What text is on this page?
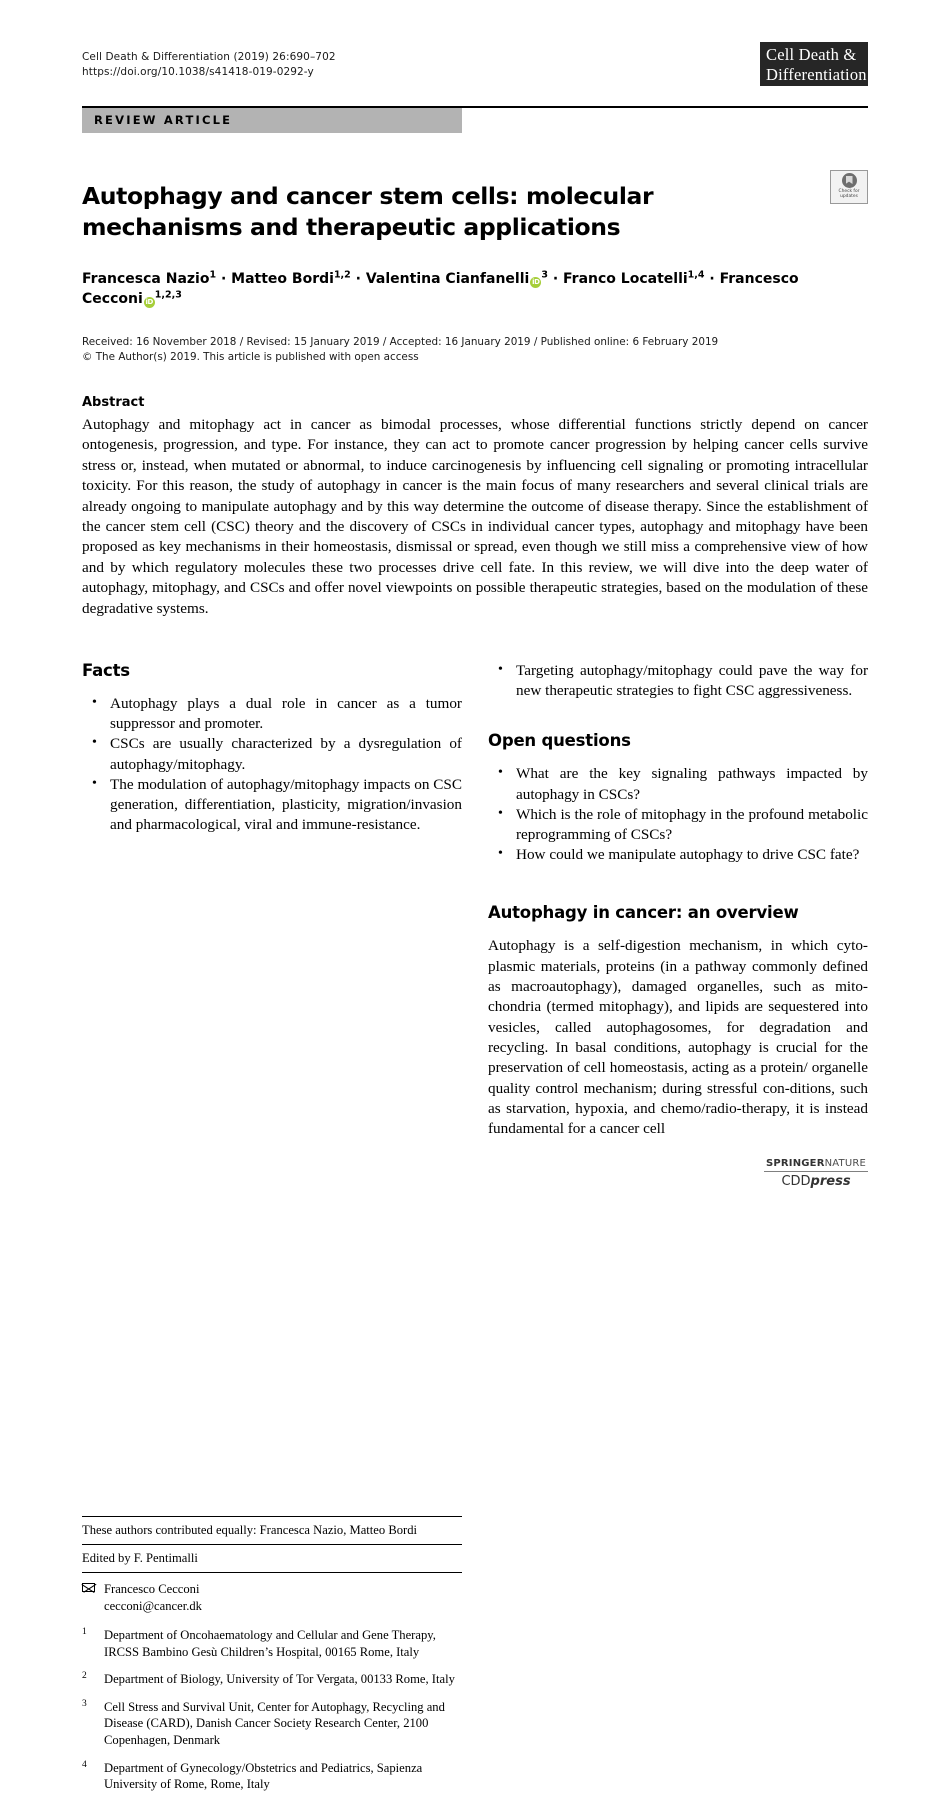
Cell Death & Differentiation (2019) 26:690–702
https://doi.org/10.1038/s41418-019-0292-y
Cell Death &
Differentiation
REVIEW ARTICLE
Check for
updates
Autophagy and cancer stem cells: molecular mechanisms and therapeutic applications
Francesca Nazio$^1$ · Matteo Bordi$^{1,2}$ · Valentina Cianfanelli $iD^3$ · Franco Locatelli$^{1,4}$ · Francesco Cecconi iD$^{1,2,3}$
Received: 16 November 2018 / Revised: 15 January 2019 / Accepted: 16 January 2019 / Published online: 6 February 2019
© The Author(s) 2019. This article is published with open access
Abstract
Autophagy and mitophagy act in cancer as bimodal processes, whose differential functions strictly depend on cancer ontogenesis, progression, and type. For instance, they can act to promote cancer progression by helping cancer cells survive stress or, instead, when mutated or abnormal, to induce carcinogenesis by influencing cell signaling or promoting intracellular toxicity. For this reason, the study of autophagy in cancer is the main focus of many researchers and several clinical trials are already ongoing to manipulate autophagy and by this way determine the outcome of disease therapy. Since the establishment of the cancer stem cell (CSC) theory and the discovery of CSCs in individual cancer types, autophagy and mitophagy have been proposed as key mechanisms in their homeostasis, dismissal or spread, even though we still miss a comprehensive view of how and by which regulatory molecules these two processes drive cell fate. In this review, we will dive into the deep water of autophagy, mitophagy, and CSCs and offer novel viewpoints on possible therapeutic strategies, based on the modulation of these degradative systems.
Facts
• Autophagy plays a dual role in cancer as a tumor suppressor and promoter.
• CSCs are usually characterized by a dysregulation of autophagy/mitophagy.
• The modulation of autophagy/mitophagy impacts on CSC generation, differentiation, plasticity, migration/invasion and pharmacological, viral and immune-resistance.
These authors contributed equally: Francesca Nazio, Matteo Bordi
Edited by F. Pentimalli
Francesco Cecconi
cecconi@cancer.dk
1 Department of Oncohaematology and Cellular and Gene Therapy, IRCSS Bambino Gesù Children’s Hospital, 00165 Rome, Italy
2 Department of Biology, University of Tor Vergata, 00133 Rome, Italy
3 Cell Stress and Survival Unit, Center for Autophagy, Recycling and Disease (CARD), Danish Cancer Society Research Center, 2100 Copenhagen, Denmark
4 Department of Gynecology/Obstetrics and Pediatrics, Sapienza University of Rome, Rome, Italy
• Targeting autophagy/mitophagy could pave the way for new therapeutic strategies to fight CSC aggressiveness.
Open questions
• What are the key signaling pathways impacted by autophagy in CSCs?
• Which is the role of mitophagy in the profound metabolic reprogramming of CSCs?
• How could we manipulate autophagy to drive CSC fate?
Autophagy in cancer: an overview

Autophagy is a self-digestion mechanism, in which cyto-plasmic materials, proteins (in a pathway commonly defined as macroautophagy), damaged organelles, such as mito-chondria (termed mitophagy), and lipids are sequestered into vesicles, called autophagosomes, for degradation and recycling. In basal conditions, autophagy is crucial for the preservation of cell homeostasis, acting as a protein/ organelle quality control mechanism; during stressful con-ditions, such as starvation, hypoxia, and chemo/radio-therapy, it is instead fundamental for a cancer cell

SPRINGERNATURE
CDDpress
